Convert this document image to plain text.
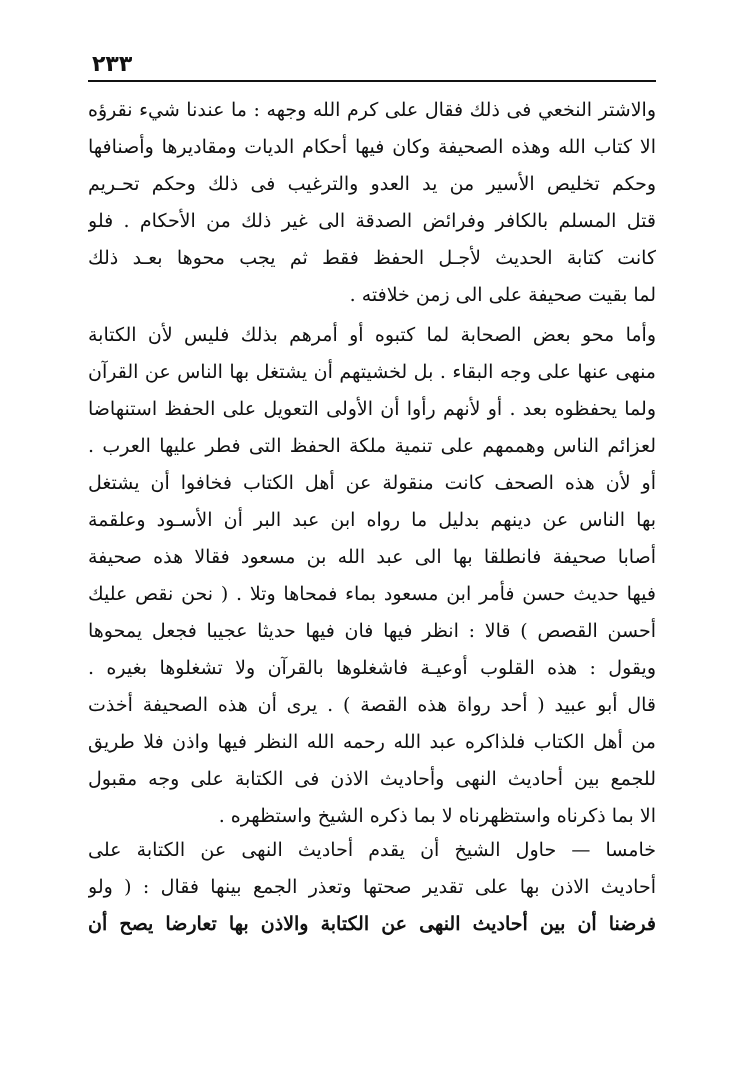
٢٣٣
والاشتر النخعي فى ذلك فقال على كرم الله وجهه : ما عندنا شيء نقرؤه
الا كتاب الله وهذه الصحيفة وكان فيها أحكام الديات ومقاديرها وأصنافها
وحكم تخليص الأسير من يد العدو والترغيب فى ذلك وحكم تحـريم
قتل المسلم بالكافر وفرائض الصدقة الى غير ذلك من الأحكام . فلو
كانت كتابة الحديث لأجـل الحفظ فقط ثم يجب محوها بعـد ذلك
لما بقيت صحيفة على الى زمن خلافته .
وأما محو بعض الصحابة لما كتبوه أو أمرهم بذلك فليس لأن الكتابة
منهى عنها على وجه البقاء . بل لخشيتهم أن يشتغل بها الناس عن القرآن
ولما يحفظوه بعد . أو لأنهم رأوا أن الأولى التعويل على الحفظ استنهاضا
لعزائم الناس وهممهم على تنمية ملكة الحفظ التى فطر عليها العرب .
أو لأن هذه الصحف كانت منقولة عن أهل الكتاب فخافوا أن يشتغل
بها الناس عن دينهم بدليل ما رواه ابن عبد البر أن الأسـود وعلقمة
أصابا صحيفة فانطلقا بها الى عبد الله بن مسعود فقالا هذه صحيفة
فيها حديث حسن فأمر ابن مسعود بماء فمحاها وتلا . ( نحن نقص عليك
أحسن القصص ) قالا : انظر فيها فان فيها حديثا عجيبا فجعل يمحوها
ويقول : هذه القلوب أوعيـة فاشغلوها بالقرآن ولا تشغلوها بغيره .
قال أبو عبيد ( أحد رواة هذه القصة ) . يرى أن هذه الصحيفة أخذت
من أهل الكتاب فلذاكره عبد الله رحمه الله النظر فيها واذن فلا طريق
للجمع بين أحاديث النهى وأحاديث الاذن فى الكتابة على وجه مقبول
الا بما ذكرناه واستظهرناه لا بما ذكره الشيخ واستظهره .
خامسا — حاول الشيخ أن يقدم أحاديث النهى عن الكتابة على
أحاديث الاذن بها على تقدير صحتها وتعذر الجمع بينها فقال : ( ولو
فرضنا أن بين أحاديث النهى عن الكتابة والاذن بها تعارضا يصح أن
